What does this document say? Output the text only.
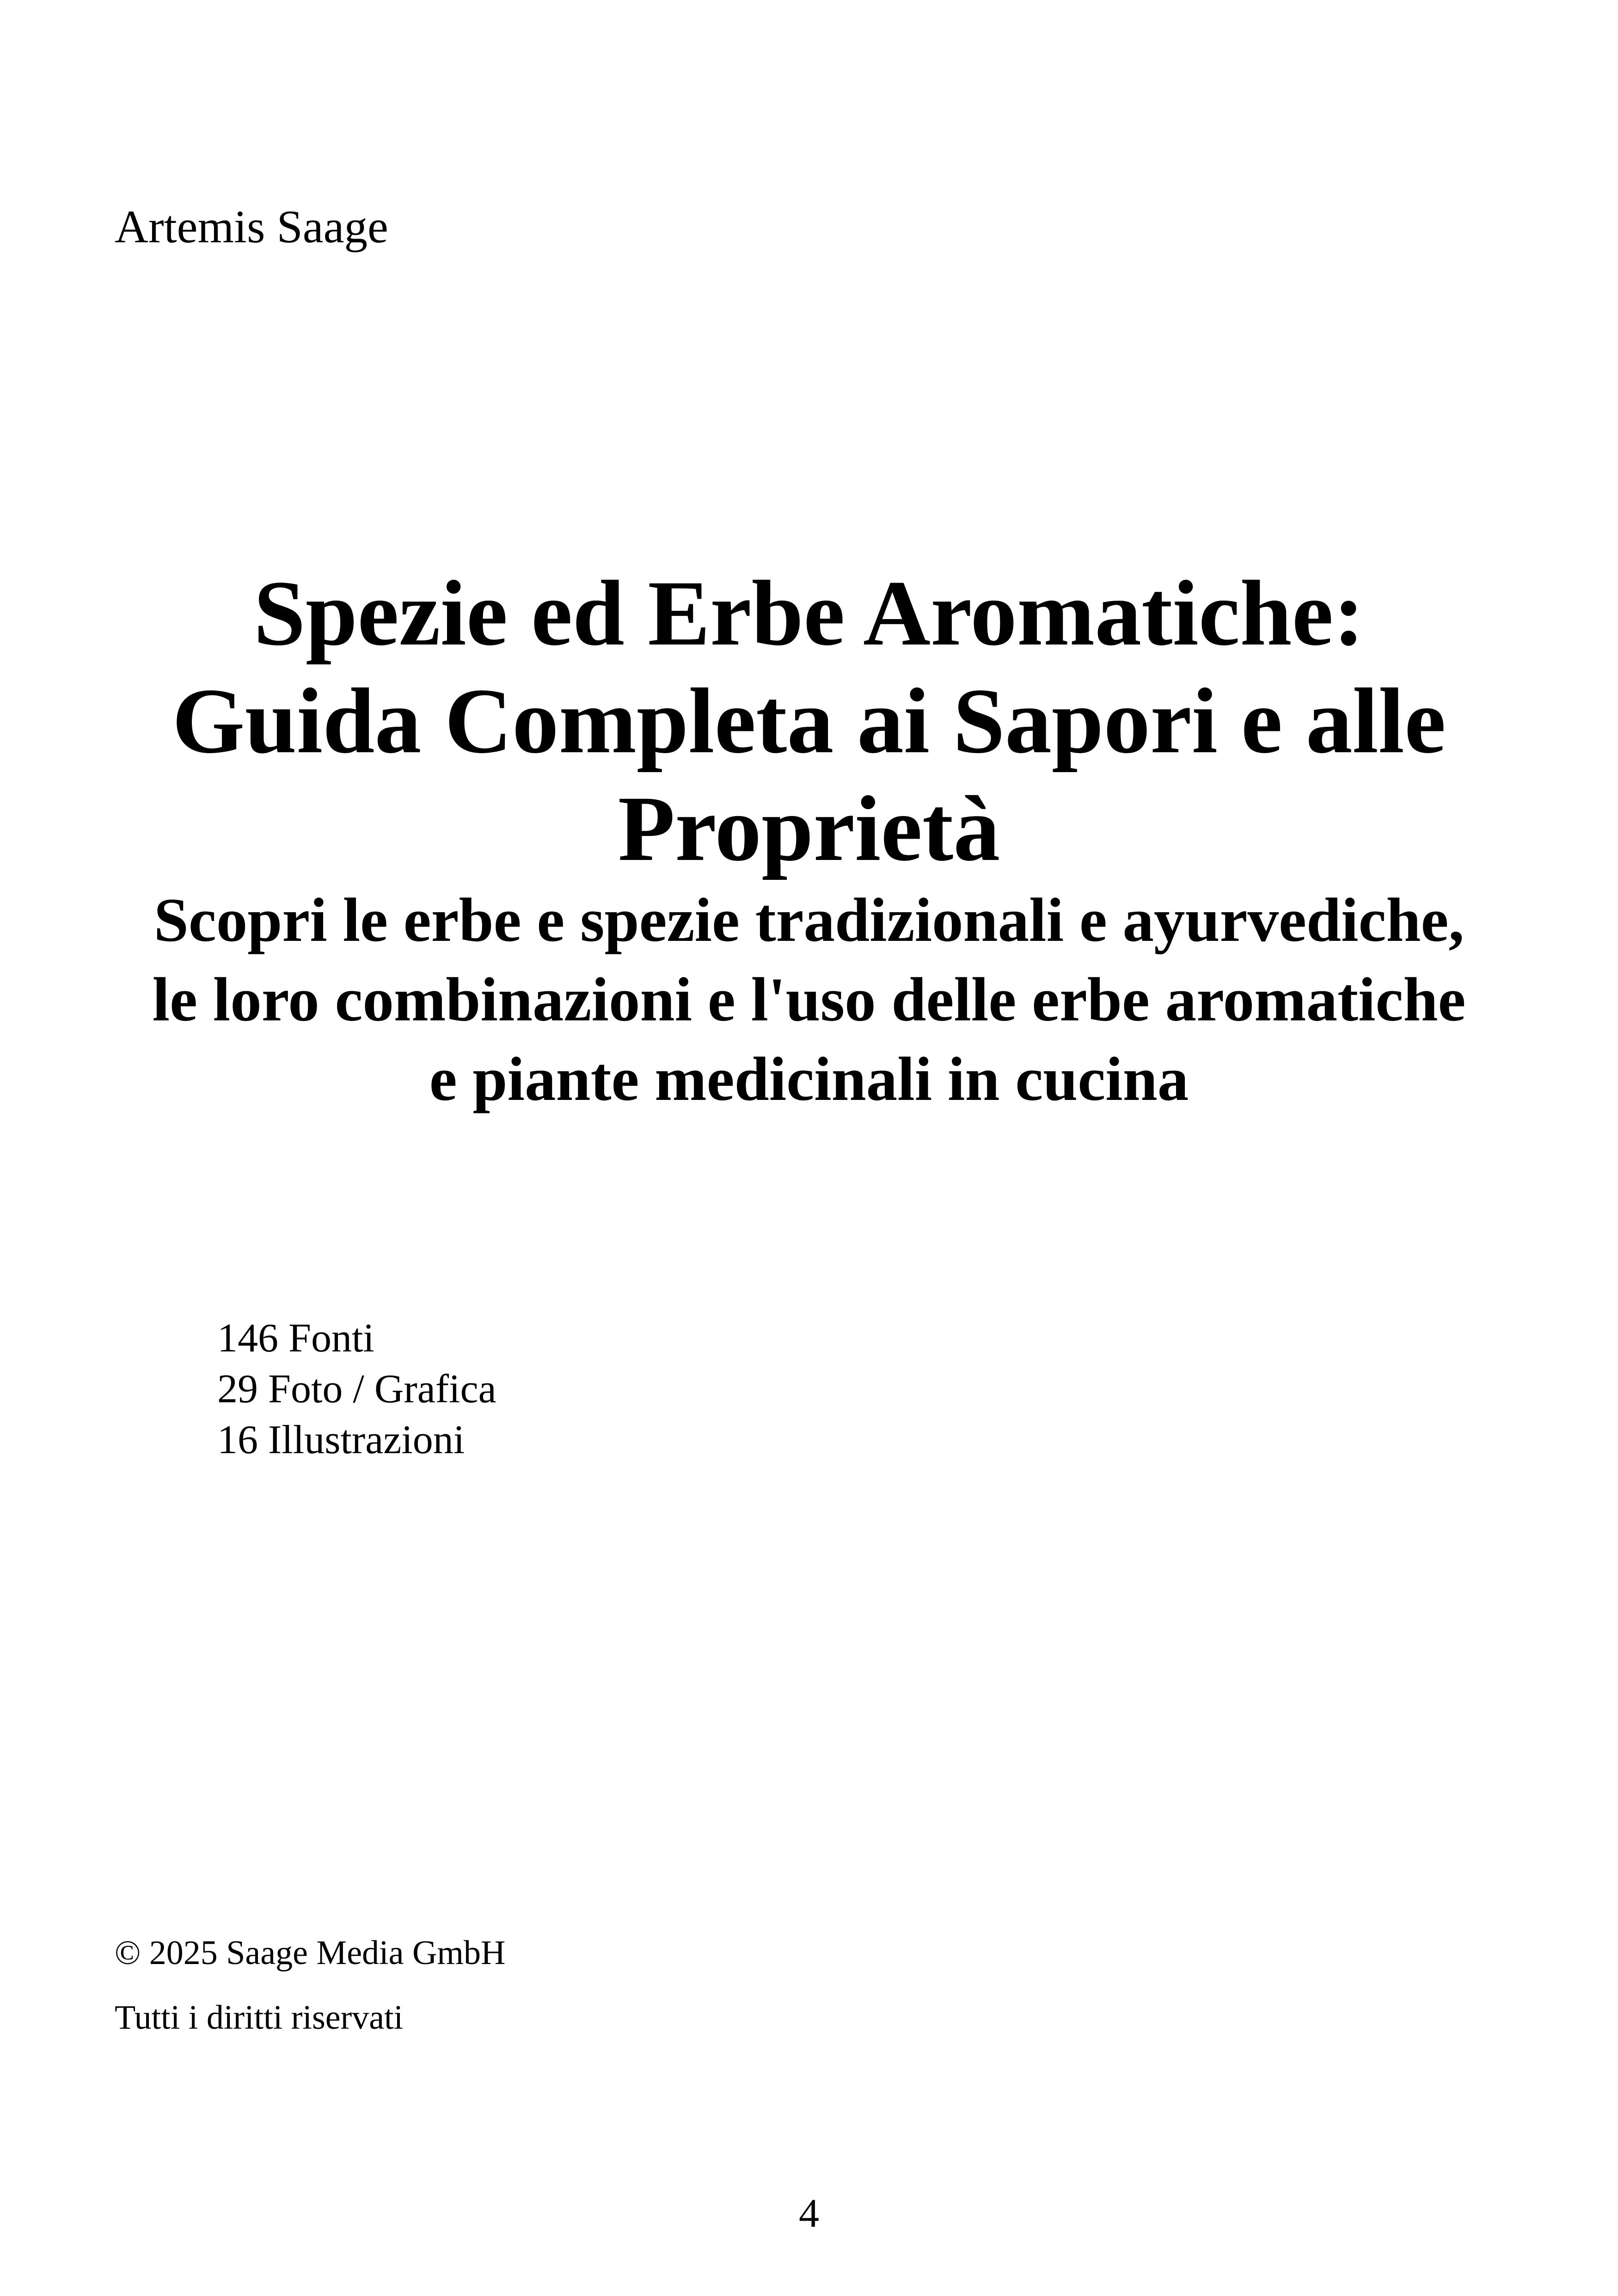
Artemis Saage
Spezie ed Erbe Aromatiche:
Guida Completa ai Sapori e alle
Proprietà
Scopri le erbe e spezie tradizionali e ayurvediche,
le loro combinazioni e l'uso delle erbe aromatiche
e piante medicinali in cucina
146 Fonti
29 Foto / Grafica
16 Illustrazioni
© 2025 Saage Media GmbH
Tutti i diritti riservati
4
